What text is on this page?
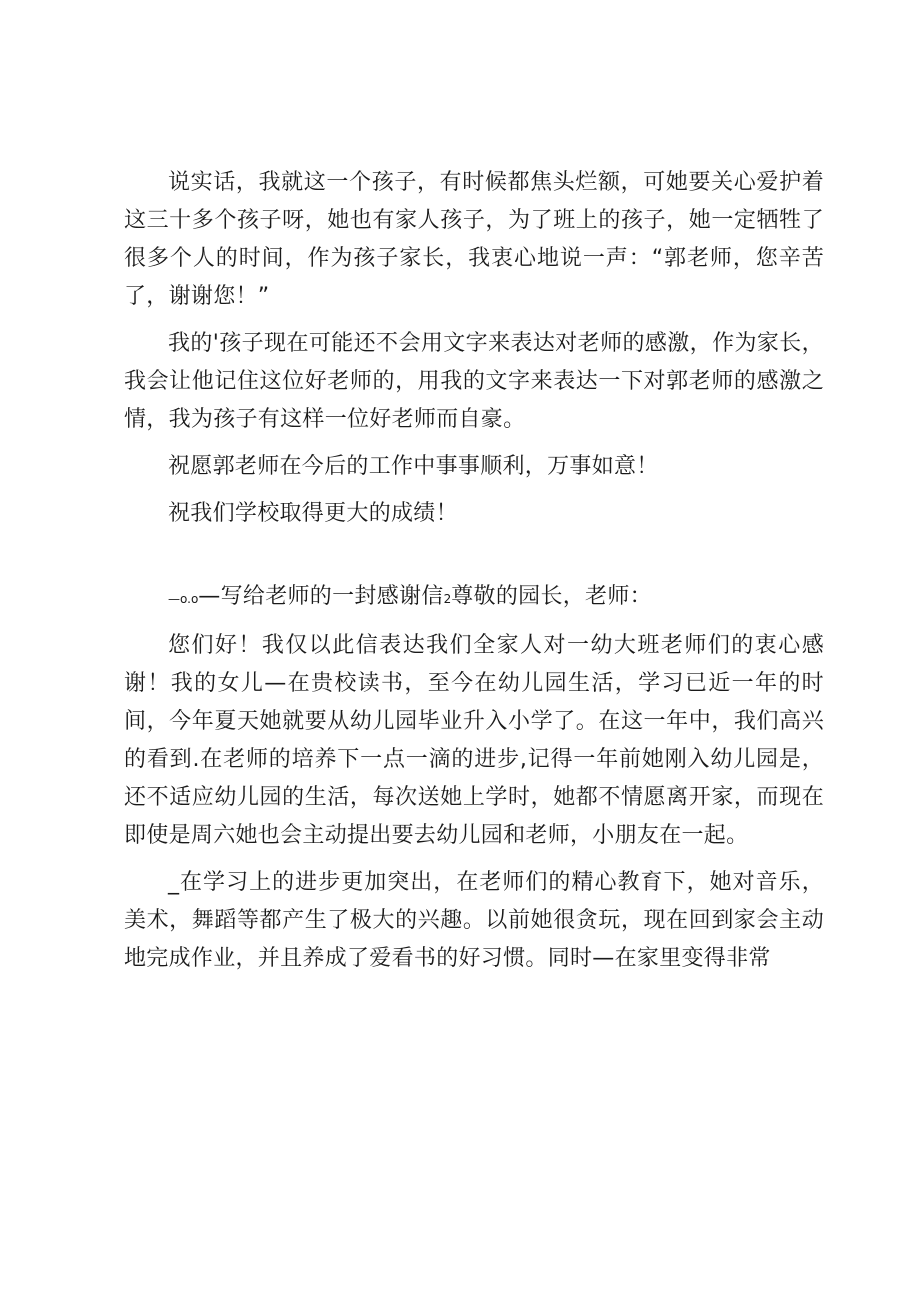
说实话，我就这一个孩子，有时候都焦头烂额，可她要关心爱护着这三十多个孩子呀，她也有家人孩子，为了班上的孩子，她一定牺牲了很多个人的时间，作为孩子家长，我衷心地说一声：“郭老师，您辛苦了，谢谢您！”

我的'孩子现在可能还不会用文字来表达对老师的感激，作为家长，我会让他记住这位好老师的，用我的文字来表达一下对郭老师的感激之情，我为孩子有这样一位好老师而自豪。

祝愿郭老师在今后的工作中事事顺利，万事如意！

祝我们学校取得更大的成绩！

—o.o—写给老师的一封感谢信2尊敬的园长，老师：

您们好！我仅以此信表达我们全家人对一幼大班老师们的衷心感谢！我的女儿—在贵校读书，至今在幼儿园生活，学习已近一年的时间，今年夏天她就要从幼儿园毕业升入小学了。在这一年中，我们高兴的看到.在老师的培养下一点一滴的进步,记得一年前她刚入幼儿园是，还不适应幼儿园的生活，每次送她上学时，她都不情愿离开家，而现在即使是周六她也会主动提出要去幼儿园和老师，小朋友在一起。

_在学习上的进步更加突出，在老师们的精心教育下，她对音乐，美术，舞蹈等都产生了极大的兴趣。以前她很贪玩，现在回到家会主动地完成作业，并且养成了爱看书的好习惯。同时—在家里变得非常
